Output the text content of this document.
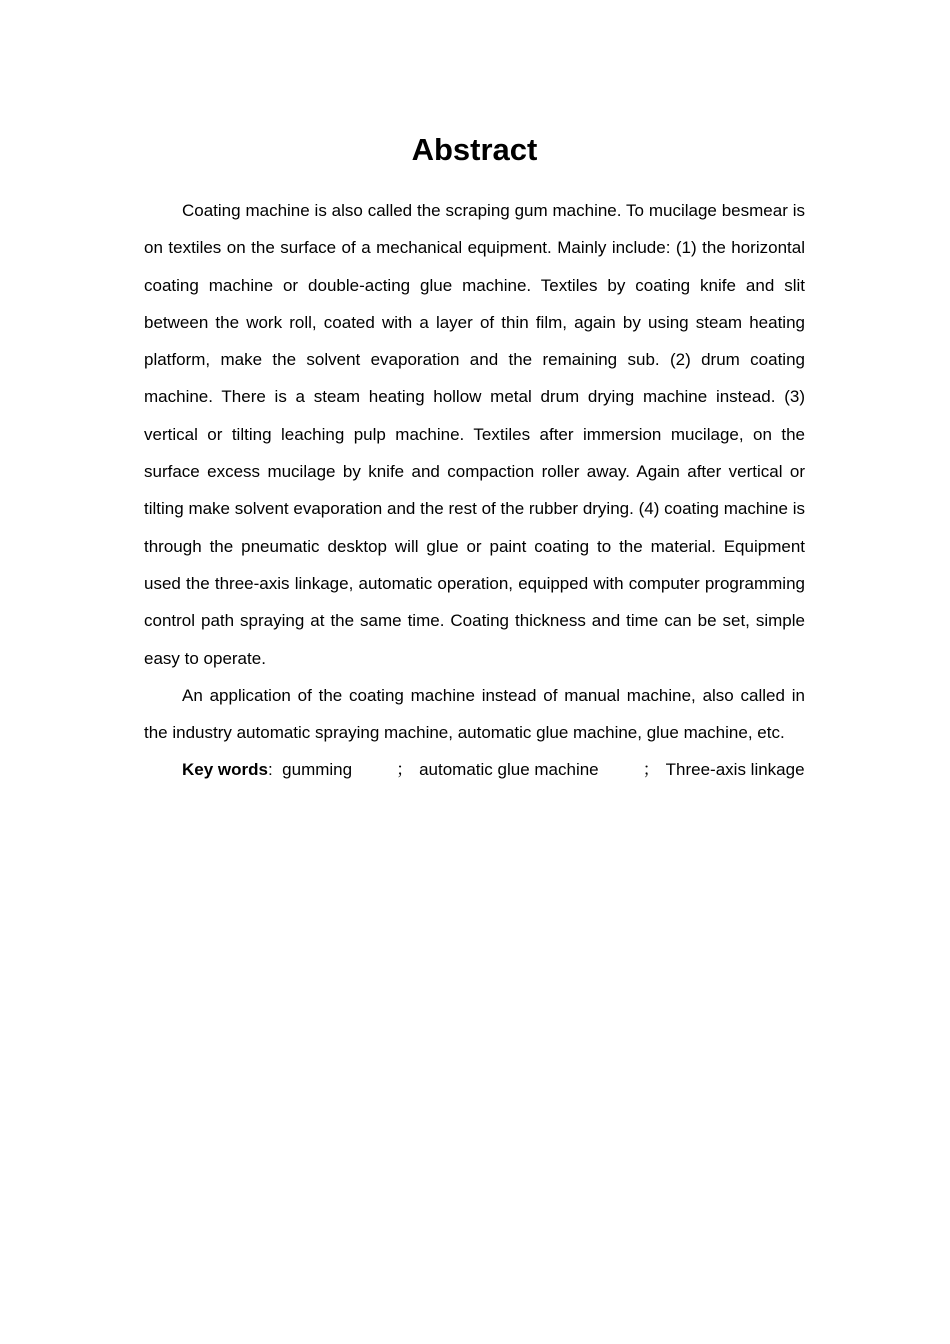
Abstract

Coating machine is also called the scraping gum machine. To mucilage besmear is on textiles on the surface of a mechanical equipment. Mainly include: (1) the horizontal coating machine or double-acting glue machine. Textiles by coating knife and slit between the work roll, coated with a layer of thin film, again by using steam heating platform, make the solvent evaporation and the remaining sub. (2) drum coating machine. There is a steam heating hollow metal drum drying machine instead. (3) vertical or tilting leaching pulp machine. Textiles after immersion mucilage, on the surface excess mucilage by knife and compaction roller away. Again after vertical or tilting make solvent evaporation and the rest of the rubber drying. (4) coating machine is through the pneumatic desktop will glue or paint coating to the material. Equipment used the three-axis linkage, automatic operation, equipped with computer programming control path spraying at the same time. Coating thickness and time can be set, simple easy to operate.

An application of the coating machine instead of manual machine, also called in the industry automatic spraying machine, automatic glue machine, glue machine, etc.

Key words: gumming	； automatic glue machine	； Three-axis linkage
